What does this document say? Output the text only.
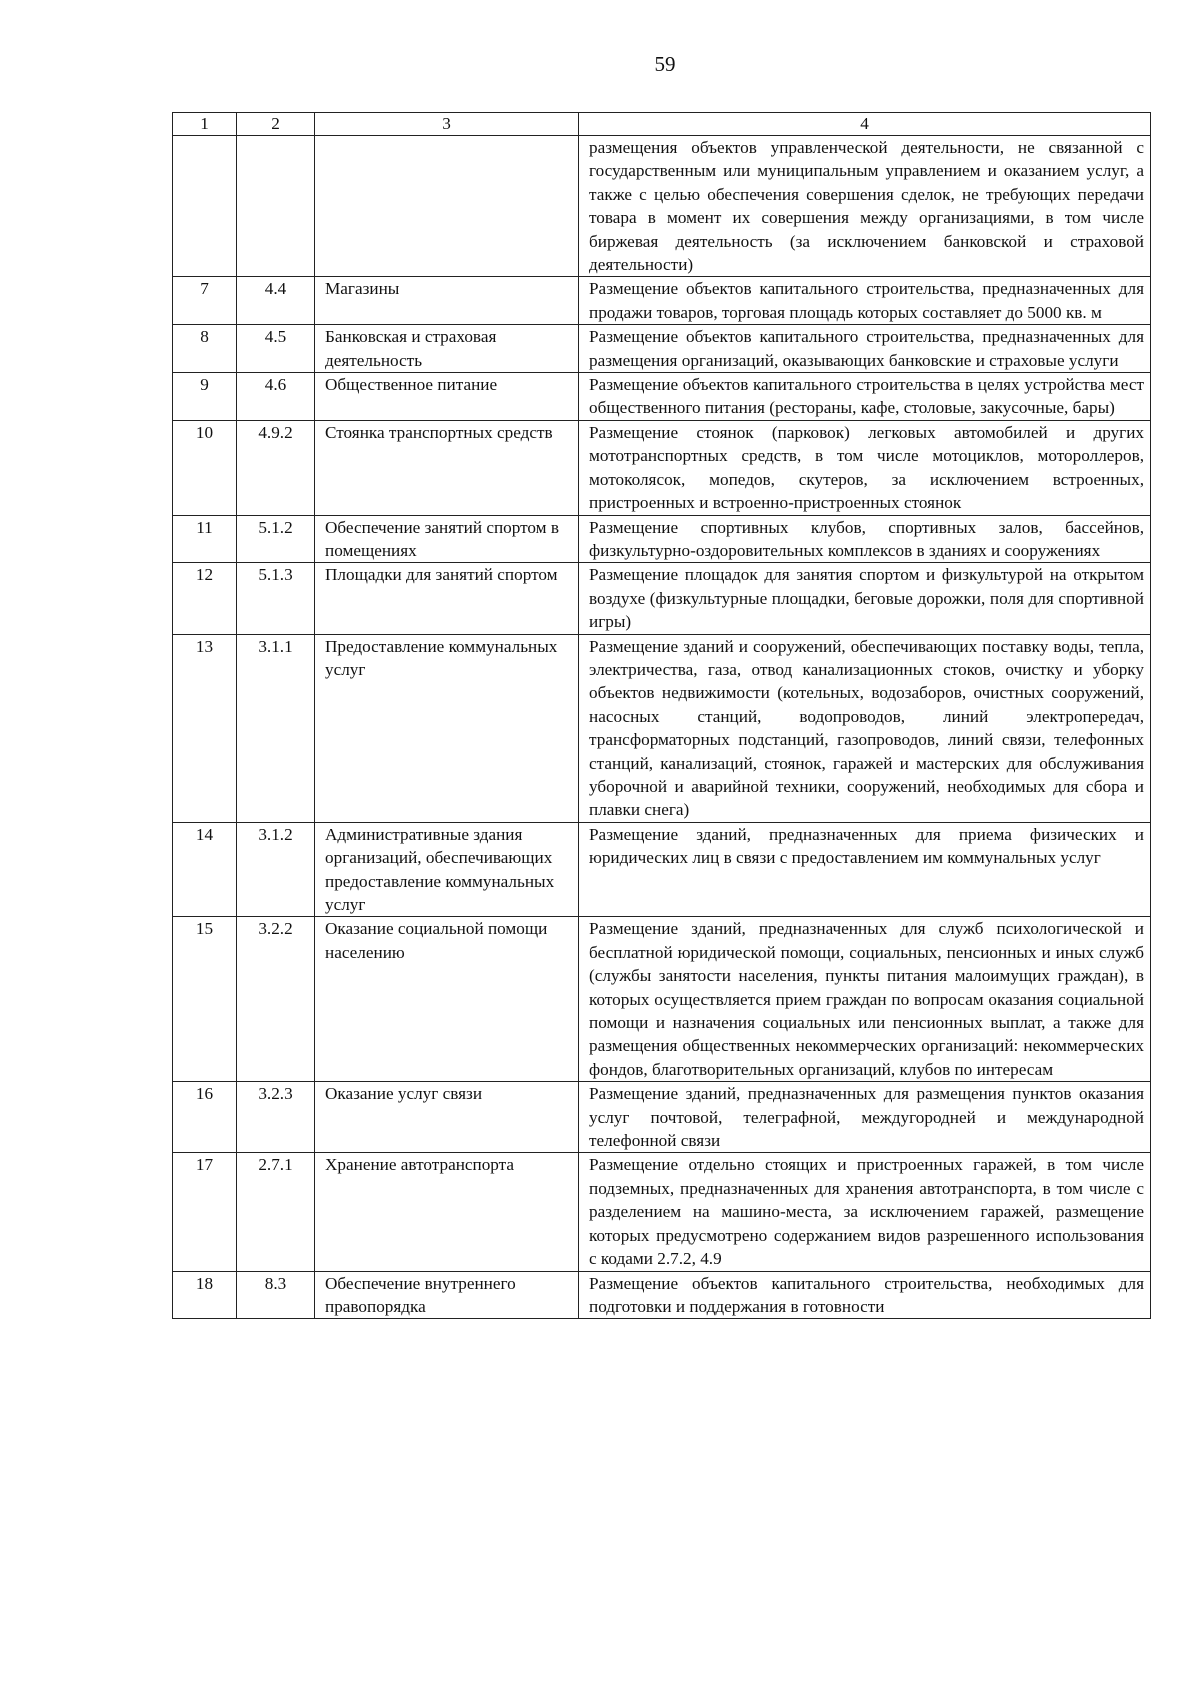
59
1	2	3	4
			размещения объектов управленческой деятельности, не связанной с государственным или муниципальным управлением и оказанием услуг, а также с целью обеспечения совершения сделок, не требующих передачи товара в момент их совершения между организациями, в том числе биржевая деятельность (за исключением банковской и страховой деятельности)
7	4.4	Магазины	Размещение объектов капитального строительства, предназначенных для продажи товаров, торговая площадь которых составляет до 5000 кв. м
8	4.5	Банковская и страховая деятельность	Размещение объектов капитального строительства, предназначенных для размещения организаций, оказывающих банковские и страховые услуги
9	4.6	Общественное питание	Размещение объектов капитального строительства в целях устройства мест общественного питания (рестораны, кафе, столовые, закусочные, бары)
10	4.9.2	Стоянка транспортных средств	Размещение стоянок (парковок) легковых автомобилей и других мототранспортных средств, в том числе мотоциклов, мотороллеров, мотоколясок, мопедов, скутеров, за исключением встроенных, пристроенных и встроенно-пристроенных стоянок
11	5.1.2	Обеспечение занятий спортом в помещениях	Размещение спортивных клубов, спортивных залов, бассейнов, физкультурно-оздоровительных комплексов в зданиях и сооружениях
12	5.1.3	Площадки для занятий спортом	Размещение площадок для занятия спортом и физкультурой на открытом воздухе (физкультурные площадки, беговые дорожки, поля для спортивной игры)
13	3.1.1	Предоставление коммунальных услуг	Размещение зданий и сооружений, обеспечивающих поставку воды, тепла, электричества, газа, отвод канализационных стоков, очистку и уборку объектов недвижимости (котельных, водозаборов, очистных сооружений, насосных станций, водопроводов, линий электропередач, трансформаторных подстанций, газопроводов, линий связи, телефонных станций, канализаций, стоянок, гаражей и мастерских для обслуживания уборочной и аварийной техники, сооружений, необходимых для сбора и плавки снега)
14	3.1.2	Административные здания организаций, обеспечивающих предоставление коммунальных услуг	Размещение зданий, предназначенных для приема физических и юридических лиц в связи с предоставлением им коммунальных услуг
15	3.2.2	Оказание социальной помощи населению	Размещение зданий, предназначенных для служб психологической и бесплатной юридической помощи, социальных, пенсионных и иных служб (службы занятости населения, пункты питания малоимущих граждан), в которых осуществляется прием граждан по вопросам оказания социальной помощи и назначения социальных или пенсионных выплат, а также для размещения общественных некоммерческих организаций: некоммерческих фондов, благотворительных организаций, клубов по интересам
16	3.2.3	Оказание услуг связи	Размещение зданий, предназначенных для размещения пунктов оказания услуг почтовой, телеграфной, междугородней и международной телефонной связи
17	2.7.1	Хранение автотранспорта	Размещение отдельно стоящих и пристроенных гаражей, в том числе подземных, предназначенных для хранения автотранспорта, в том числе с разделением на машино-места, за исключением гаражей, размещение которых предусмотрено содержанием видов разрешенного использования с кодами 2.7.2, 4.9
18	8.3	Обеспечение внутреннего правопорядка	Размещение объектов капитального строительства, необходимых для подготовки и поддержания в готовности
